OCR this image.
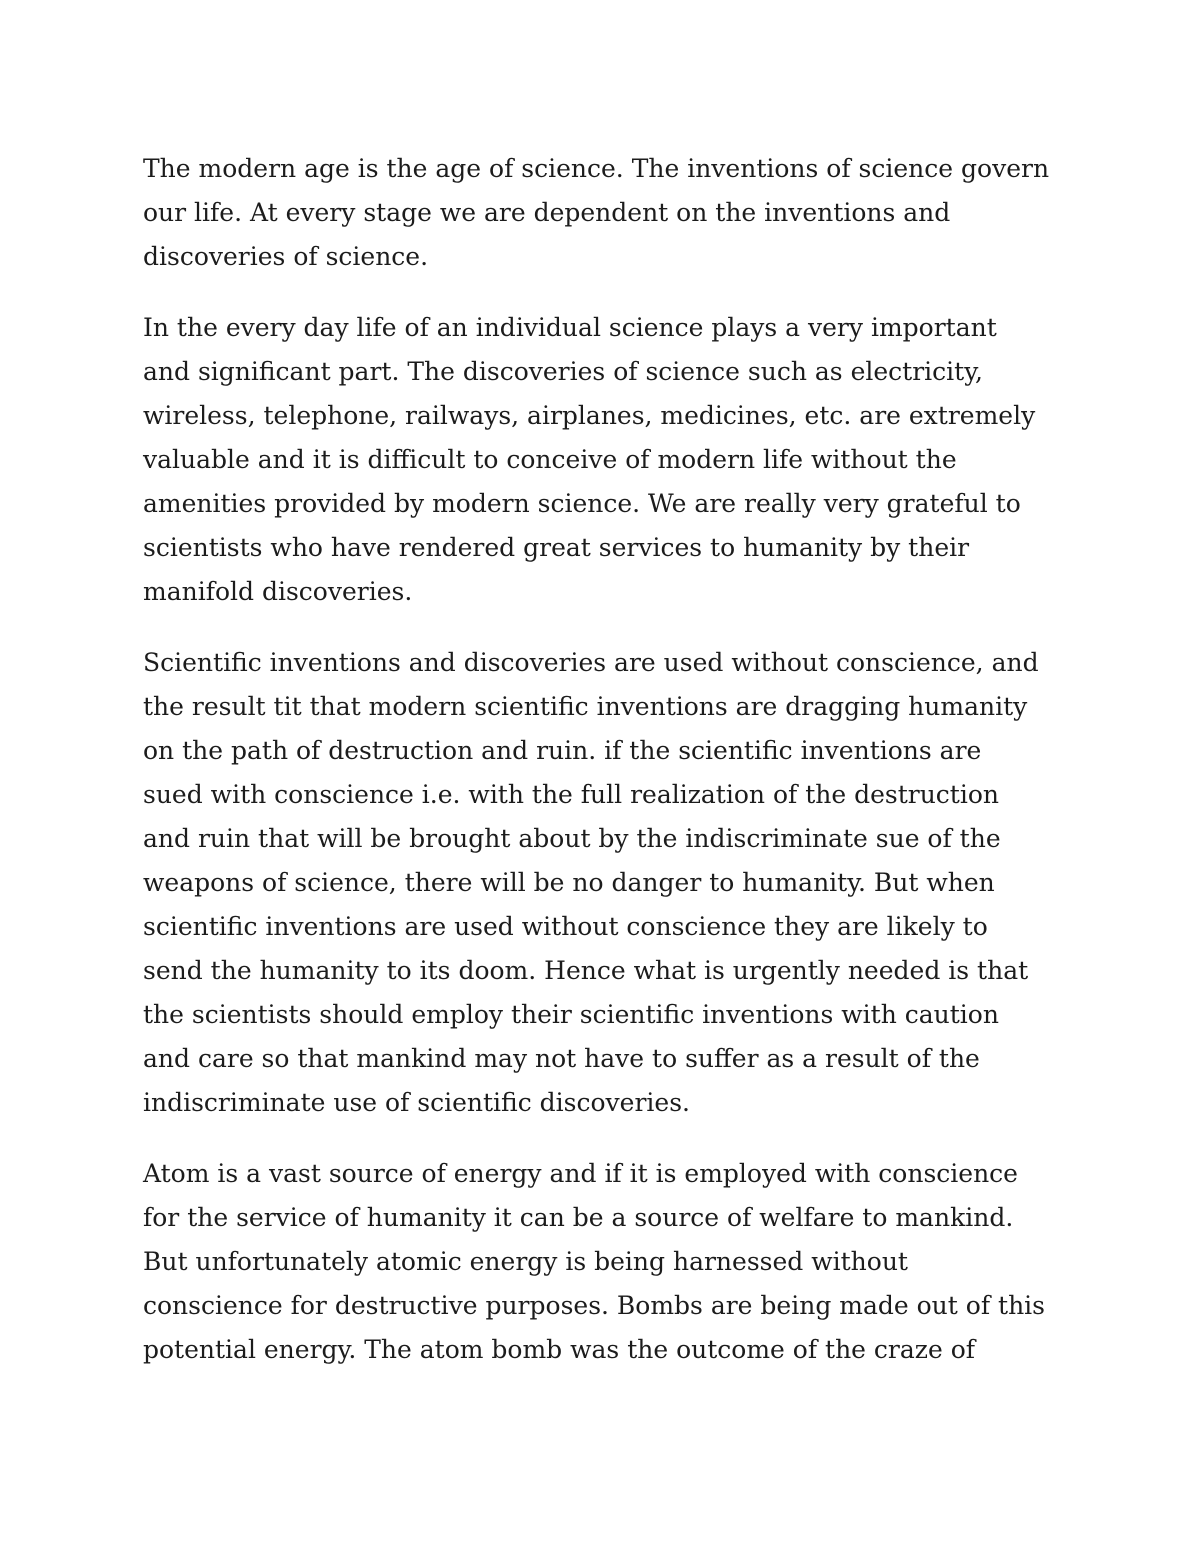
The modern age is the age of science. The inventions of science govern
our life. At every stage we are dependent on the inventions and
discoveries of science.

In the every day life of an individual science plays a very important
and significant part. The discoveries of science such as electricity,
wireless, telephone, railways, airplanes, medicines, etc. are extremely
valuable and it is difficult to conceive of modern life without the
amenities provided by modern science. We are really very grateful to
scientists who have rendered great services to humanity by their
manifold discoveries.

Scientific inventions and discoveries are used without conscience, and
the result tit that modern scientific inventions are dragging humanity
on the path of destruction and ruin. if the scientific inventions are
sued with conscience i.e. with the full realization of the destruction
and ruin that will be brought about by the indiscriminate sue of the
weapons of science, there will be no danger to humanity. But when
scientific inventions are used without conscience they are likely to
send the humanity to its doom. Hence what is urgently needed is that
the scientists should employ their scientific inventions with caution
and care so that mankind may not have to suffer as a result of the
indiscriminate use of scientific discoveries.

Atom is a vast source of energy and if it is employed with conscience
for the service of humanity it can be a source of welfare to mankind.
But unfortunately atomic energy is being harnessed without
conscience for destructive purposes. Bombs are being made out of this
potential energy. The atom bomb was the outcome of the craze of
